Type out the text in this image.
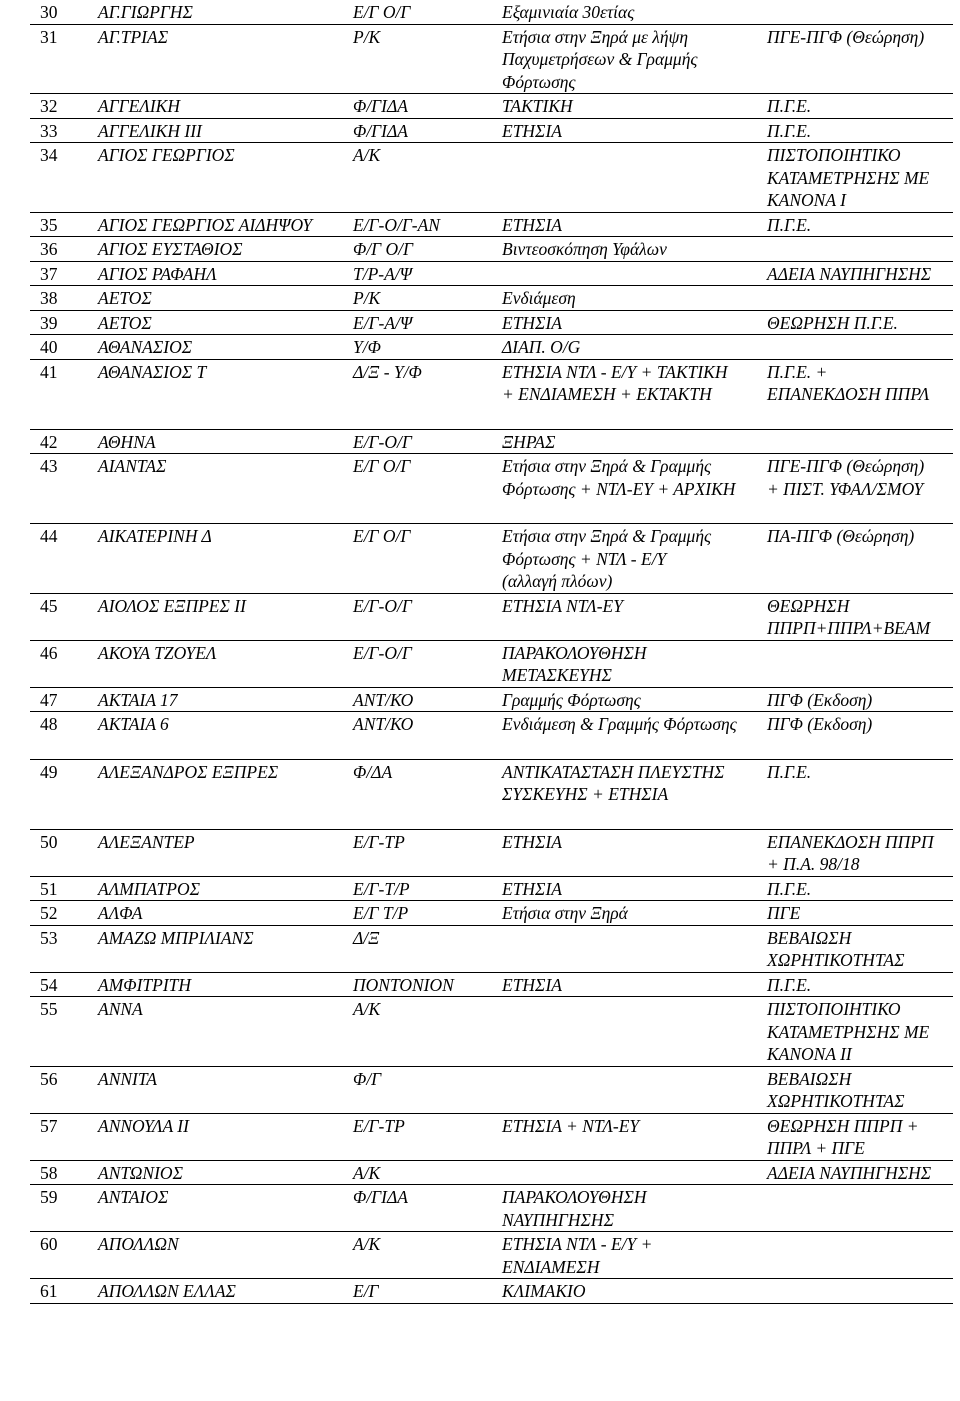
30	ΑΓ.ΓΙΩΡΓΗΣ	Ε/Γ Ο/Γ	Εξαμινιαία 30ετίας	
31	ΑΓ.ΤΡΙΑΣ	Ρ/Κ	Ετήσια στην Ξηρά με λήψη
Παχυμετρήσεων & Γραμμής
Φόρτωσης	ΠΓΕ-ΠΓΦ (Θεώρηση)
32	ΑΓΓΕΛΙΚΗ	Φ/ΓΙΔΑ	ΤΑΚΤΙΚΗ	Π.Γ.Ε.
33	ΑΓΓΕΛΙΚΗ ΙΙΙ	Φ/ΓΙΔΑ	ΕΤΗΣΙΑ	Π.Γ.Ε.
34	ΑΓΙΟΣ ΓΕΩΡΓΙΟΣ	Α/Κ		ΠΙΣΤΟΠΟΙΗΤΙΚΟ
ΚΑΤΑΜΕΤΡΗΣΗΣ ΜΕ
ΚΑΝΟΝΑ Ι
35	ΑΓΙΟΣ ΓΕΩΡΓΙΟΣ ΑΙΔΗΨΟΥ	Ε/Γ-Ο/Γ-ΑΝ	ΕΤΗΣΙΑ	Π.Γ.Ε.
36	ΑΓΙΟΣ ΕΥΣΤΑΘΙΟΣ	Φ/Γ Ο/Γ	Βιντεοσκόπηση Υφάλων	
37	ΑΓΙΟΣ ΡΑΦΑΗΛ	Τ/Ρ-Α/Ψ		ΑΔΕΙΑ ΝΑΥΠΗΓΗΣΗΣ
38	ΑΕΤΟΣ	Ρ/Κ	Ενδιάμεση	
39	ΑΕΤΟΣ	Ε/Γ-Α/Ψ	ΕΤΗΣΙΑ	ΘΕΩΡΗΣΗ Π.Γ.Ε.
40	ΑΘΑΝΑΣΙΟΣ	Υ/Φ	ΔΙΑΠ. Ο/G	
41	ΑΘΑΝΑΣΙΟΣ Τ	Δ/Ξ - Υ/Φ	ΕΤΗΣΙΑ ΝΤΛ - Ε/Υ + ΤΑΚΤΙΚΗ
+ ΕΝΔΙΑΜΕΣΗ + ΕΚΤΑΚΤΗ	Π.Γ.Ε. +
ΕΠΑΝΕΚΔΟΣΗ ΠΠΡΛ
42	ΑΘΗΝΑ	Ε/Γ-Ο/Γ	ΞΗΡΑΣ	
43	ΑΙΑΝΤΑΣ	Ε/Γ Ο/Γ	Ετήσια στην Ξηρά & Γραμμής
Φόρτωσης + ΝΤΛ-ΕΥ + ΑΡΧΙΚΗ	ΠΓΕ-ΠΓΦ (Θεώρηση)
+ ΠΙΣΤ. ΥΦΑΛ/ΣΜΟΥ
44	ΑΙΚΑΤΕΡΙΝΗ Δ	Ε/Γ Ο/Γ	Ετήσια στην Ξηρά & Γραμμής
Φόρτωσης + ΝΤΛ - Ε/Υ
(αλλαγή πλόων)	ΠΑ-ΠΓΦ (Θεώρηση)
45	ΑΙΟΛΟΣ ΕΞΠΡΕΣ ΙΙ	Ε/Γ-Ο/Γ	ΕΤΗΣΙΑ ΝΤΛ-ΕΥ	ΘΕΩΡΗΣΗ
ΠΠΡΠ+ΠΠΡΛ+ΒΕΑΜ
46	ΑΚΟΥΑ ΤΖΟΥΕΛ	Ε/Γ-Ο/Γ	ΠΑΡΑΚΟΛΟΥΘΗΣΗ
ΜΕΤΑΣΚΕΥΗΣ	
47	ΑΚΤΑΙΑ 17	ΑΝΤ/ΚΟ	Γραμμής Φόρτωσης	ΠΓΦ (Εκδοση)
48	ΑΚΤΑΙΑ 6	ΑΝΤ/ΚΟ	Ενδιάμεση & Γραμμής Φόρτωσης	ΠΓΦ (Εκδοση)
49	ΑΛΕΞΑΝΔΡΟΣ ΕΞΠΡΕΣ	Φ/ΔΑ	ΑΝΤΙΚΑΤΑΣΤΑΣΗ ΠΛΕΥΣΤΗΣ
ΣΥΣΚΕΥΗΣ + ΕΤΗΣΙΑ	Π.Γ.Ε.
50	ΑΛΕΞΑΝΤΕΡ	Ε/Γ-ΤΡ	ΕΤΗΣΙΑ	ΕΠΑΝΕΚΔΟΣΗ ΠΠΡΠ
+ Π.Α. 98/18
51	ΑΛΜΠΑΤΡΟΣ	Ε/Γ-Τ/Ρ	ΕΤΗΣΙΑ	Π.Γ.Ε.
52	ΑΛΦΑ	Ε/Γ Τ/Ρ	Ετήσια στην Ξηρά	ΠΓΕ
53	ΑΜΑΖΩ ΜΠΡΙΛΙΑΝΣ	Δ/Ξ		ΒΕΒΑΙΩΣΗ
ΧΩΡΗΤΙΚΟΤΗΤΑΣ
54	ΑΜΦΙΤΡΙΤΗ	ΠΟΝΤΟΝΙΟΝ	ΕΤΗΣΙΑ	Π.Γ.Ε.
55	ΑΝΝΑ	Α/Κ		ΠΙΣΤΟΠΟΙΗΤΙΚΟ
ΚΑΤΑΜΕΤΡΗΣΗΣ ΜΕ
ΚΑΝΟΝΑ ΙΙ
56	ΑΝΝΙΤΑ	Φ/Γ		ΒΕΒΑΙΩΣΗ
ΧΩΡΗΤΙΚΟΤΗΤΑΣ
57	ΑΝΝΟΥΛΑ ΙΙ	Ε/Γ-ΤΡ	ΕΤΗΣΙΑ + ΝΤΛ-ΕΥ	ΘΕΩΡΗΣΗ ΠΠΡΠ +
ΠΠΡΛ + ΠΓΕ
58	ΑΝΤΩΝΙΟΣ	Α/Κ		ΑΔΕΙΑ ΝΑΥΠΗΓΗΣΗΣ
59	ΑΝΤΑΙΟΣ	Φ/ΓΙΔΑ	ΠΑΡΑΚΟΛΟΥΘΗΣΗ
ΝΑΥΠΗΓΗΣΗΣ	
60	ΑΠΟΛΛΩΝ	Α/Κ	ΕΤΗΣΙΑ ΝΤΛ - Ε/Υ +
ΕΝΔΙΑΜΕΣΗ	
61	ΑΠΟΛΛΩΝ ΕΛΛΑΣ	Ε/Γ	ΚΛΙΜΑΚΙΟ	
